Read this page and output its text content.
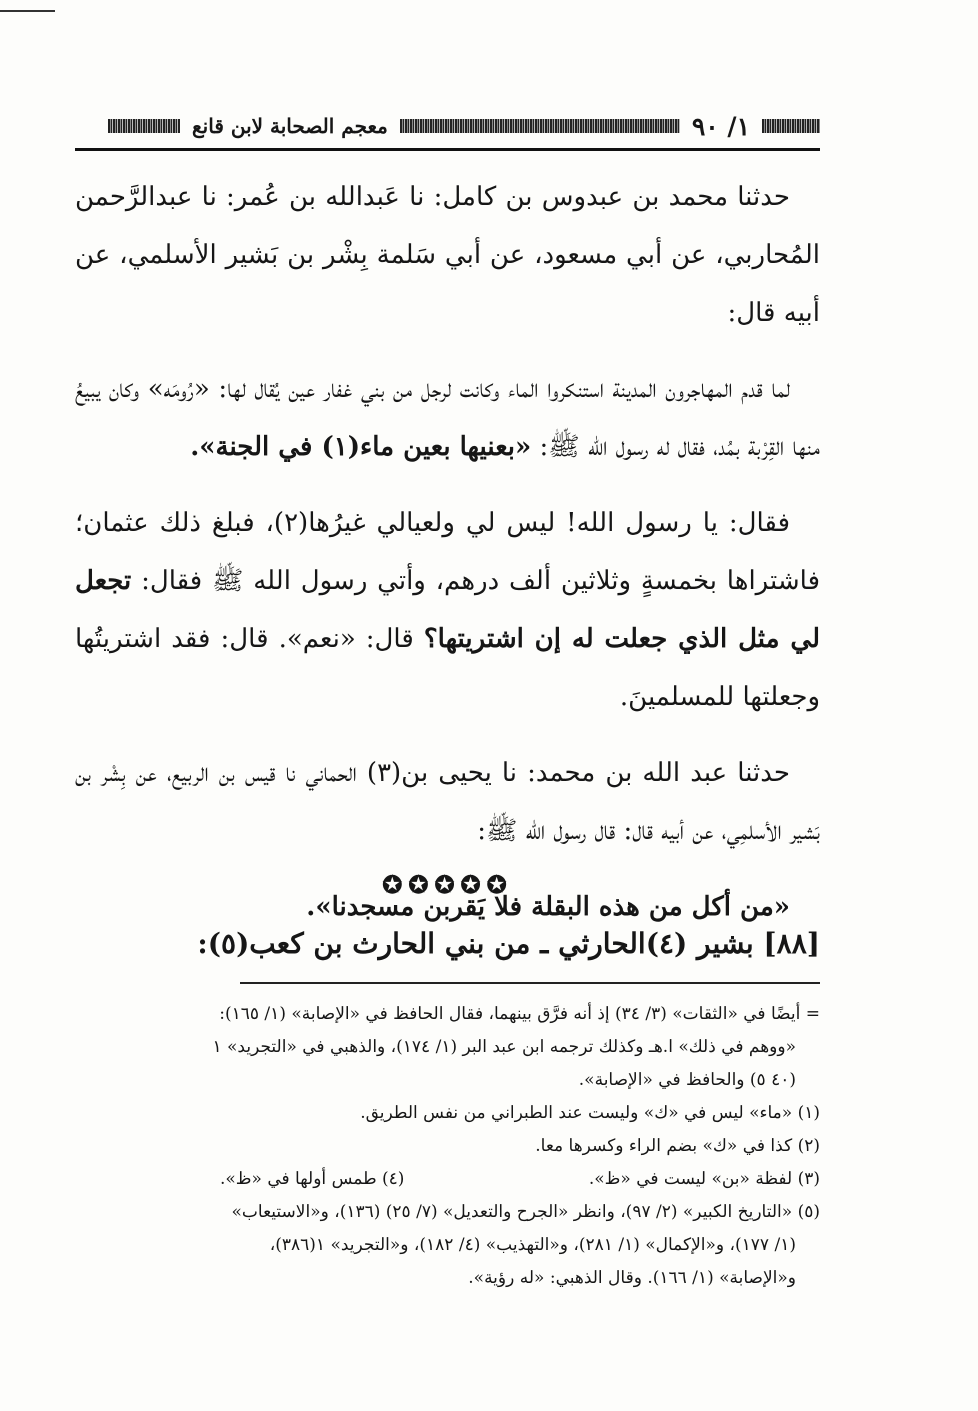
١/ ٩٠
معجم الصحابة لابن قانع

حدثنا محمد بن عبدوس بن كامل: نا عَبدالله بن عُمر: نا عبدالرَّحمن المُحاربي، عن أبي مسعود، عن أبي سَلمة بِشْر بن بَشير الأسلمي، عن أبيه قال:

لما قدم المهاجرون المدينة استنكروا الماء وكانت لرجل من بني غفار عين يُقال لها: «رُومَه» وكان يبيعُ منها القِرْبة بمُد، فقال له رسول الله ﷺ: «بعنيها بعين ماء(١) في الجنة».

فقال: يا رسول الله! ليس لي ولعيالي غيرُها(٢)، فبلغ ذلك عثمان؛ فاشتراها بخمسةٍ وثلاثين ألف درهم، وأتي رسول الله ﷺ فقال: تجعل لي مثل الذي جعلت له إن اشتريتها؟ قال: «نعم». قال: فقد اشتريتُها وجعلتها للمسلمينَ.

حدثنا عبد الله بن محمد: نا يحيى بن(٣) الحماني نا قيس بن الربيع، عن بِشْر بن بَشير الأسلمِي، عن أبيه قال: قال رسول الله ﷺ:

«من أكل من هذه البقلة فلا يَقربن مسجدنا».

✪✪✪✪✪
[٨٨] بشير (٤)الحارثي ـ من بني الحارث بن كعب(٥):
= أيضًا في «الثقات» (٣/ ٣٤) إذ أنه فرَّق بينهما، فقال الحافظ في «الإصابة» (١/ ١٦٥):
«ووهم في ذلك» ا.هـ وكذلك ترجمه ابن عبد البر (١/ ١٧٤)، والذهبي في «التجريد» ١
(٤٠ ٥) والحافظ في «الإصابة».
(١) «ماء» ليس في «ك» وليست عند الطبراني من نفس الطريق.
(٢) كذا في «ك» بضم الراء وكسرها معا.
(٣) لفظة «بن» ليست في «ظ».
(٤) طمس أولها في «ظ».
(٥) «التاريخ الكبير» (٢/ ٩٧)، وانظر «الجرح والتعديل» (٧/ ٢٥) (١٣٦)، و«الاستيعاب»
(١/ ١٧٧)، و«الإكمال» (١/ ٢٨١)، و«التهذيب» (٤/ ١٨٢)، و«التجريد» ١(٣٨٦)،
و«الإصابة» (١/ ١٦٦). وقال الذهبي: «له رؤية».
